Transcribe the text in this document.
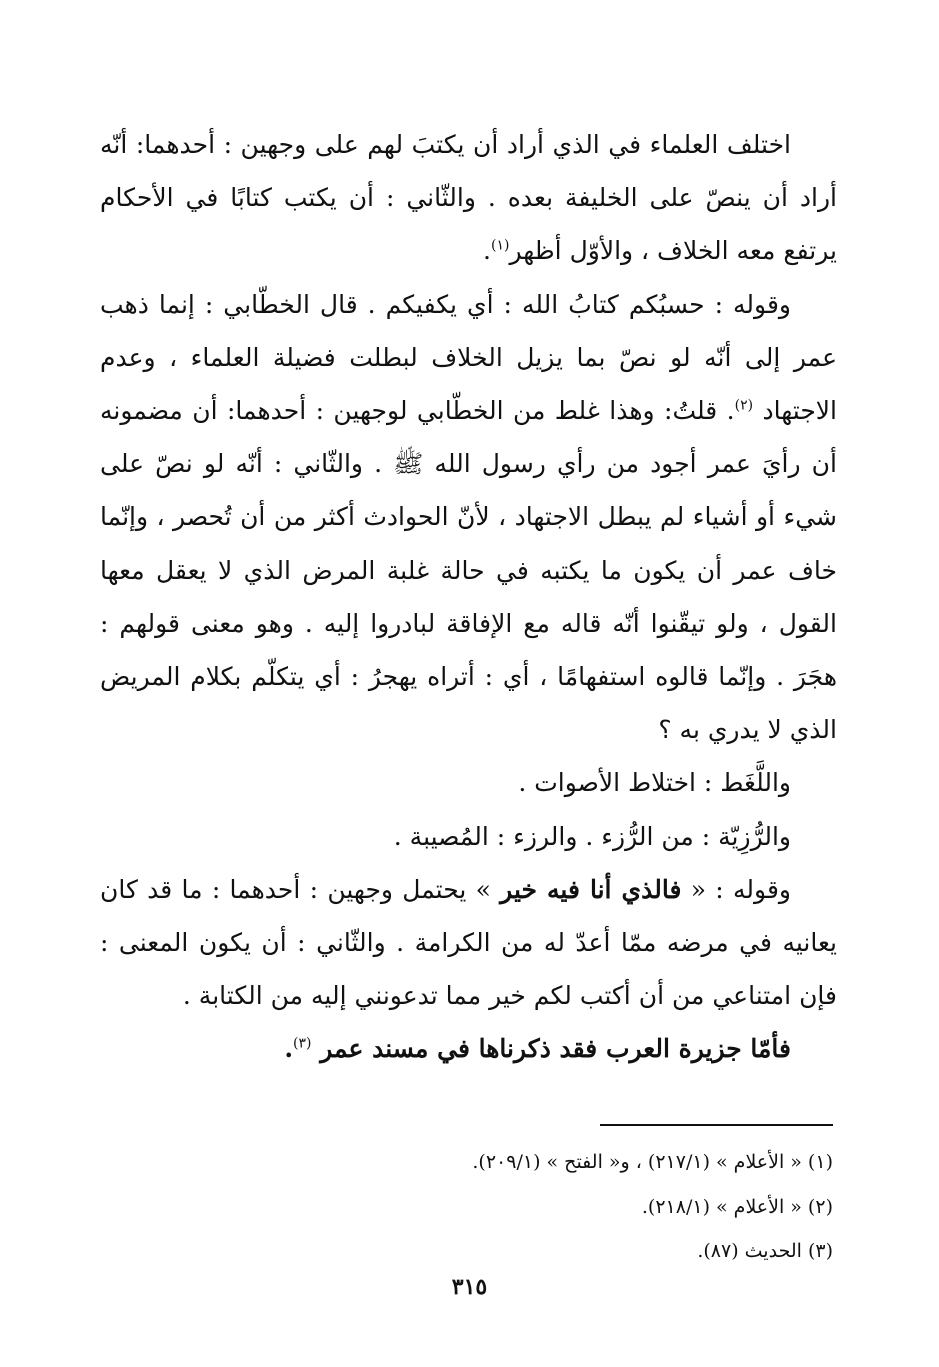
اختلف العلماء في الذي أراد أن يكتبَ لهم على وجهين : أحدهما: أنّه أراد أن ينصّ على الخليفة بعده . والثّاني : أن يكتب كتابًا في الأحكام يرتفع معه الخلاف ، والأوّل أظهر$^{(١)}$.

وقوله : حسبُكم كتابُ الله : أي يكفيكم . قال الخطّابي : إنما ذهب عمر إلى أنّه لو نصّ بما يزيل الخلاف لبطلت فضيلة العلماء ، وعدم الاجتهاد $^{(٢)}$. قلتُ: وهذا غلط من الخطّابي لوجهين : أحدهما: أن مضمونه أن رأيَ عمر أجود من رأي رسول الله ﷺ . والثّاني : أنّه لو نصّ على شيء أو أشياء لم يبطل الاجتهاد ، لأنّ الحوادث أكثر من أن تُحصر ، وإنّما خاف عمر أن يكون ما يكتبه في حالة غلبة المرض الذي لا يعقل معها القول ، ولو تيقّنوا أنّه قاله مع الإفاقة لبادروا إليه . وهو معنى قولهم : هجَرَ . وإنّما قالوه استفهامًا ، أي : أتراه يهجرُ : أي يتكلّم بكلام المريض الذي لا يدري به ؟

واللَّغَط : اختلاط الأصوات .

والرُّزِيّة : من الرُّزء . والرزء : المُصيبة .

وقوله : « فالذي أنا فيه خير » يحتمل وجهين : أحدهما : ما قد كان يعانيه في مرضه ممّا أعدّ له من الكرامة . والثّاني : أن يكون المعنى : فإن امتناعي من أن أكتب لكم خير مما تدعونني إليه من الكتابة .

فأمّا جزيرة العرب فقد ذكرناها في مسند عمر $^{(٣)}$.

(١) « الأعلام » (٢١٧/١) ، و« الفتح » (٢٠٩/١).

(٢) « الأعلام » (٢١٨/١).

(٣) الحديث (٨٧).

٣١٥
